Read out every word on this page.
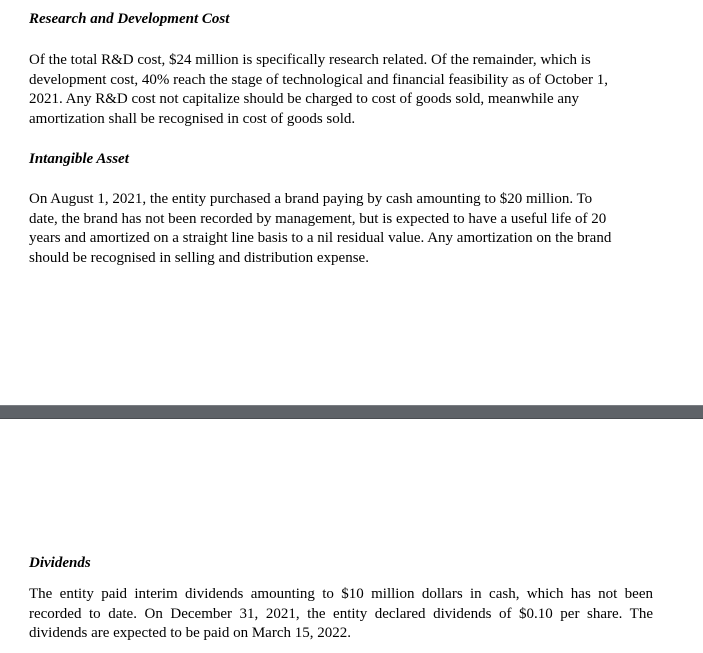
Research and Development Cost

Of the total R&D cost, $24 million is specifically research related. Of the remainder, which is
development cost, 40% reach the stage of technological and financial feasibility as of October 1,
2021. Any R&D cost not capitalize should be charged to cost of goods sold, meanwhile any
amortization shall be recognised in cost of goods sold.

Intangible Asset

On August 1, 2021, the entity purchased a brand paying by cash amounting to $20 million. To
date, the brand has not been recorded by management, but is expected to have a useful life of 20
years and amortized on a straight line basis to a nil residual value. Any amortization on the brand
should be recognised in selling and distribution expense.

Dividends

The entity paid interim dividends amounting to $10 million dollars in cash, which has not been
recorded to date. On December 31, 2021, the entity declared dividends of $0.10 per share. The
dividends are expected to be paid on March 15, 2022.
